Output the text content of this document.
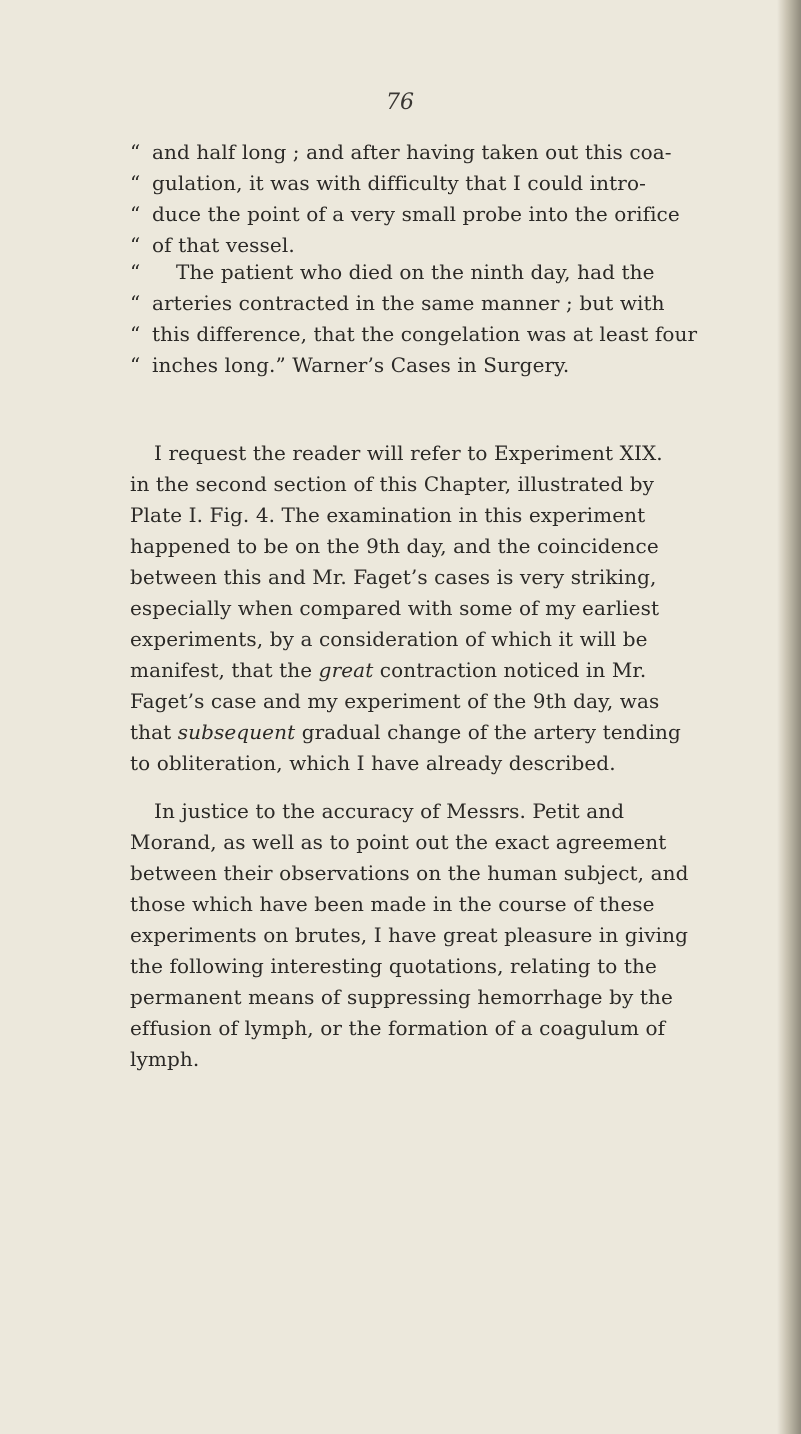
76
“ and half long ; and after having taken out this coa-
“ gulation, it was with difficulty that I could intro-
“ duce the point of a very small probe into the orifice
“ of that vessel.
“ The patient who died on the ninth day, had the
“ arteries contracted in the same manner ; but with
“ this difference, that the congelation was at least four
“ inches long.” Warner’s Cases in Surgery.
I request the reader will refer to Experiment XIX.
in the second section of this Chapter, illustrated by
Plate I. Fig. 4. The examination in this experiment
happened to be on the 9th day, and the coincidence
between this and Mr. Faget’s cases is very striking,
especially when compared with some of my earliest
experiments, by a consideration of which it will be
manifest, that the great contraction noticed in Mr.
Faget’s case and my experiment of the 9th day, was
that subsequent gradual change of the artery tending
to obliteration, which I have already described.
In justice to the accuracy of Messrs. Petit and
Morand, as well as to point out the exact agreement
between their observations on the human subject, and
those which have been made in the course of these
experiments on brutes, I have great pleasure in giving
the following interesting quotations, relating to the
permanent means of suppressing hemorrhage by the
effusion of lymph, or the formation of a coagulum of
lymph.
